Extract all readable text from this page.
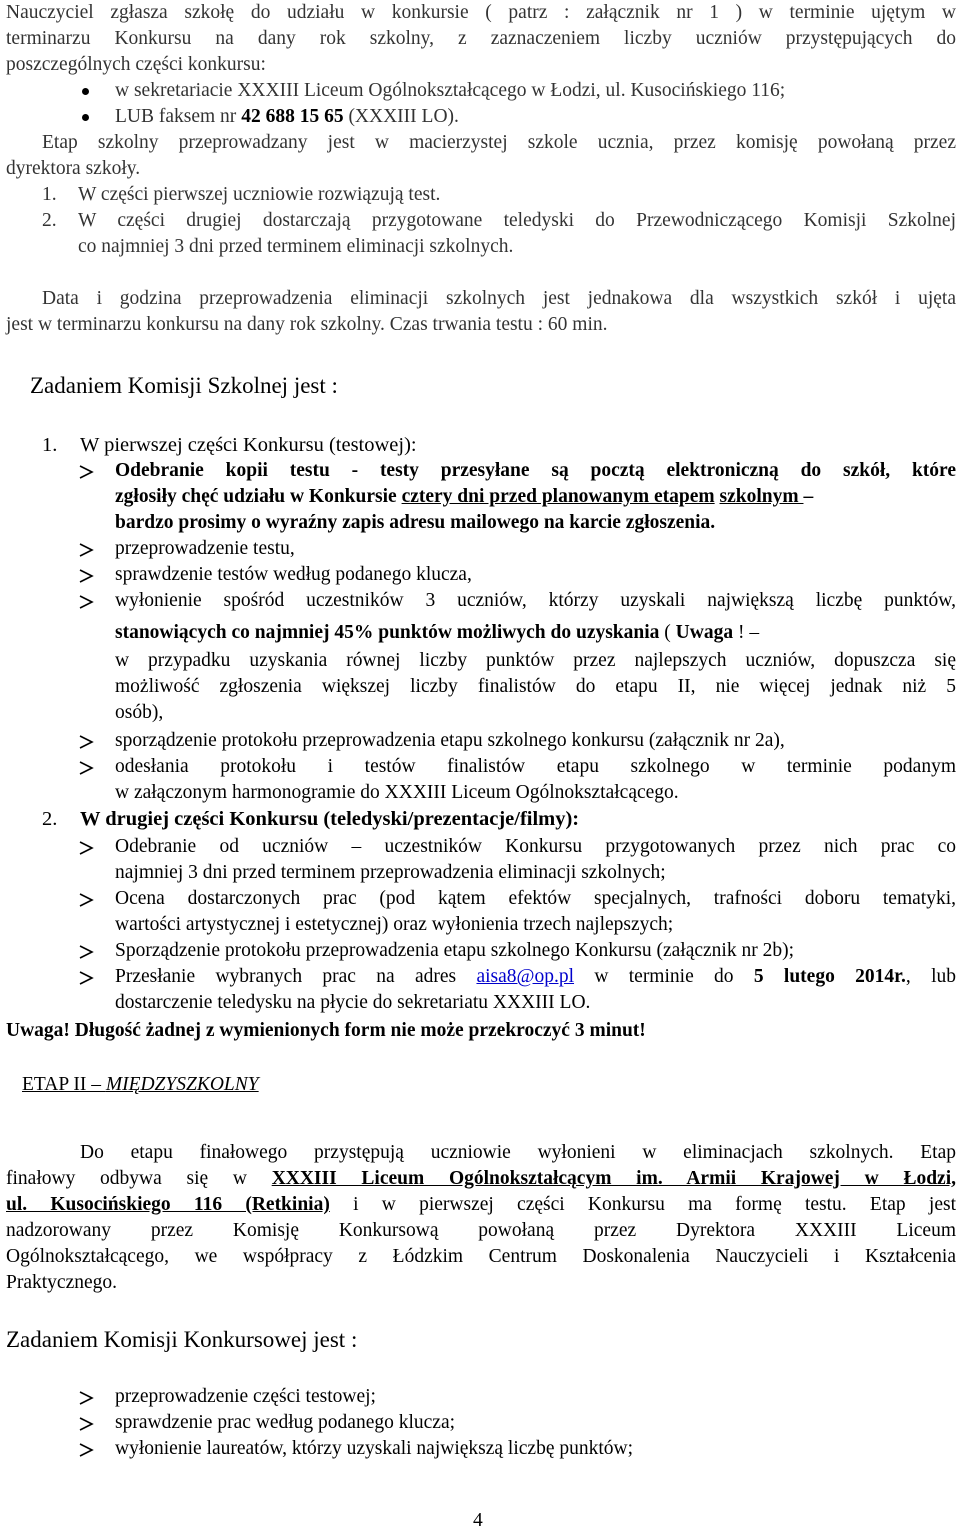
Nauczyciel zgłasza szkołę do udziału w konkursie ( patrz : załącznik nr 1 ) w terminie ujętym w
terminarzu Konkursu na dany rok szkolny, z zaznaczeniem liczby uczniów przystępujących do
poszczególnych części konkursu:
w sekretariacie XXXIII Liceum Ogólnokształcącego w Łodzi, ul. Kusocińskiego 116;
LUB faksem nr 42 688 15 65 (XXXIII LO).
Etap szkolny przeprowadzany jest w macierzystej szkole ucznia, przez komisję powołaną przez
dyrektora szkoły.
1. W części pierwszej uczniowie rozwiązują test.
2. W części drugiej dostarczają przygotowane teledyski do Przewodniczącego Komisji Szkolnej
co najmniej 3 dni przed terminem eliminacji szkolnych.
Data i godzina przeprowadzenia eliminacji szkolnych jest jednakowa dla wszystkich szkół i ujęta
jest w terminarzu konkursu na dany rok szkolny. Czas trwania testu : 60 min.
Zadaniem Komisji Szkolnej jest :
1. W pierwszej części Konkursu (testowej):
Odebranie kopii testu - testy przesyłane są pocztą elektroniczną do szkół, które
zgłosiły chęć udziału w Konkursie cztery dni przed planowanym etapem szkolnym –
bardzo prosimy o wyraźny zapis adresu mailowego na karcie zgłoszenia.
przeprowadzenie testu,
sprawdzenie testów według podanego klucza,
wyłonienie spośród uczestników 3 uczniów, którzy uzyskali największą liczbę punktów,
stanowiących co najmniej 45% punktów możliwych do uzyskania ( Uwaga ! –
w przypadku uzyskania równej liczby punktów przez najlepszych uczniów, dopuszcza się
możliwość zgłoszenia większej liczby finalistów do etapu II, nie więcej jednak niż 5
osób),
sporządzenie protokołu przeprowadzenia etapu szkolnego konkursu (załącznik nr 2a),
odesłania protokołu i testów finalistów etapu szkolnego w terminie podanym
w załączonym harmonogramie do XXXIII Liceum Ogólnokształcącego.
2. W drugiej części Konkursu (teledyski/prezentacje/filmy):
Odebranie od uczniów – uczestników Konkursu przygotowanych przez nich prac co
najmniej 3 dni przed terminem przeprowadzenia eliminacji szkolnych;
Ocena dostarczonych prac (pod kątem efektów specjalnych, trafności doboru tematyki,
wartości artystycznej i estetycznej) oraz wyłonienia trzech najlepszych;
Sporządzenie protokołu przeprowadzenia etapu szkolnego Konkursu (załącznik nr 2b);
Przesłanie wybranych prac na adres aisa8@op.pl w terminie do 5 lutego 2014r., lub
dostarczenie teledysku na płycie do sekretariatu XXXIII LO.
Uwaga! Długość żadnej z wymienionych form nie może przekroczyć 3 minut!
ETAP II – MIĘDZYSZKOLNY
Do etapu finałowego przystępują uczniowie wyłonieni w eliminacjach szkolnych. Etap
finałowy odbywa się w XXXIII Liceum Ogólnokształcącym im. Armii Krajowej w Łodzi,
ul. Kusocińskiego 116 (Retkinia) i w pierwszej części Konkursu ma formę testu. Etap jest
nadzorowany przez Komisję Konkursową powołaną przez Dyrektora XXXIII Liceum
Ogólnokształcącego, we współpracy z Łódzkim Centrum Doskonalenia Nauczycieli i Kształcenia
Praktycznego.
Zadaniem Komisji Konkursowej jest :
przeprowadzenie części testowej;
sprawdzenie prac według podanego klucza;
wyłonienie laureatów, którzy uzyskali największą liczbę punktów;
4
